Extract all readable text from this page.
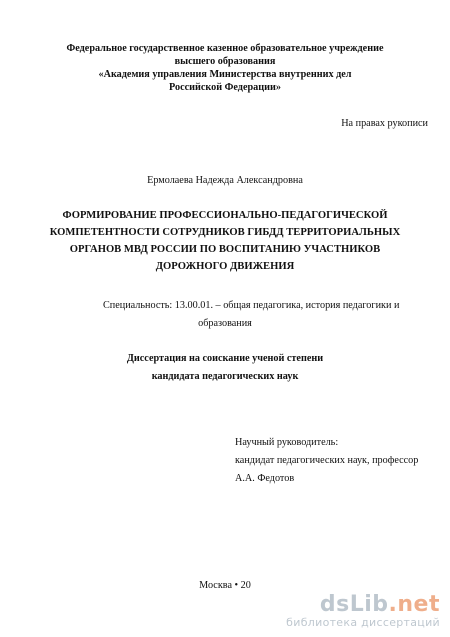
Федеральное государственное казенное образовательное учреждение
высшего образования
«Академия управления Министерства внутренних дел
Российской Федерации»
На правах рукописи
Ермолаева Надежда Александровна
ФОРМИРОВАНИЕ ПРОФЕССИОНАЛЬНО-ПЕДАГОГИЧЕСКОЙ
КОМПЕТЕНТНОСТИ СОТРУДНИКОВ ГИБДД ТЕРРИТОРИАЛЬНЫХ
ОРГАНОВ МВД РОССИИ ПО ВОСПИТАНИЮ УЧАСТНИКОВ
ДОРОЖНОГО ДВИЖЕНИЯ
Специальность: 13.00.01. – общая педагогика, история педагогики и
образования
Диссертация на соискание ученой степени
кандидата педагогических наук
Научный руководитель:
кандидат педагогических наук, профессор
А.А. Федотов
Москва • 20
dsLib.net
библиотека диссертаций
